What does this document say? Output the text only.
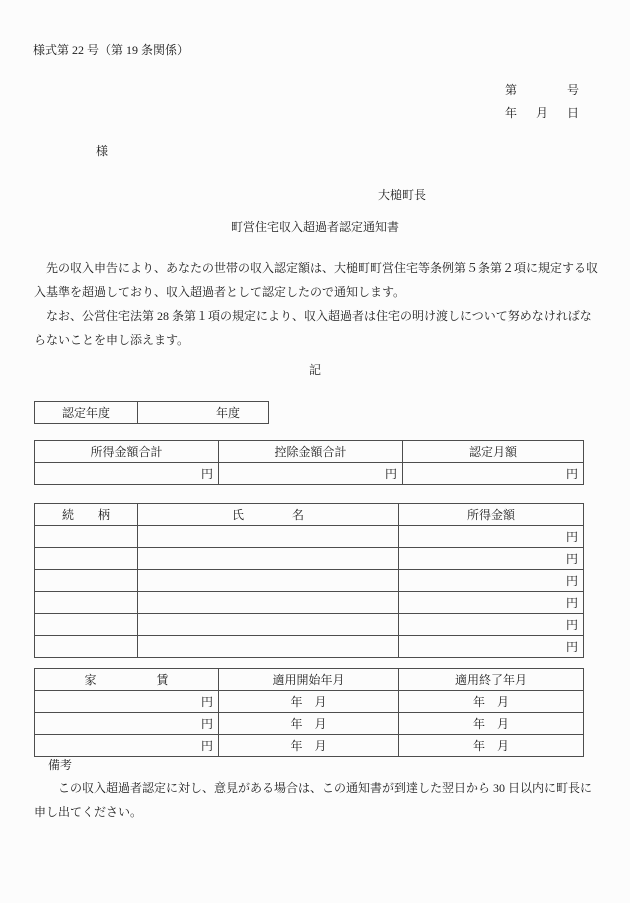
様式第 22 号（第 19 条関係）
第	号
年 月 日
様
大槌町長
町営住宅収入超過者認定通知書
　先の収入申告により、あなたの世帯の収入認定額は、大槌町町営住宅等条例第５条第２項に規定する収
入基準を超過しており、収入超過者として認定したので通知します。
　なお、公営住宅法第 28 条第１項の規定により、収入超過者は住宅の明け渡しについて努めなければな
らないことを申し添えます。
記
認定年度	年度
所得金額合計	控除金額合計	認定月額
円	円	円
続　　柄	氏　　　　名	所得金額
		円
		円
		円
		円
		円
		円
家　　　　　賃	適用開始年月	適用終了年月
円	年　月	年　月
円	年　月	年　月
円	年　月	年　月
備考
　　この収入超過者認定に対し、意見がある場合は、この通知書が到達した翌日から 30 日以内に町長に
申し出てください。
